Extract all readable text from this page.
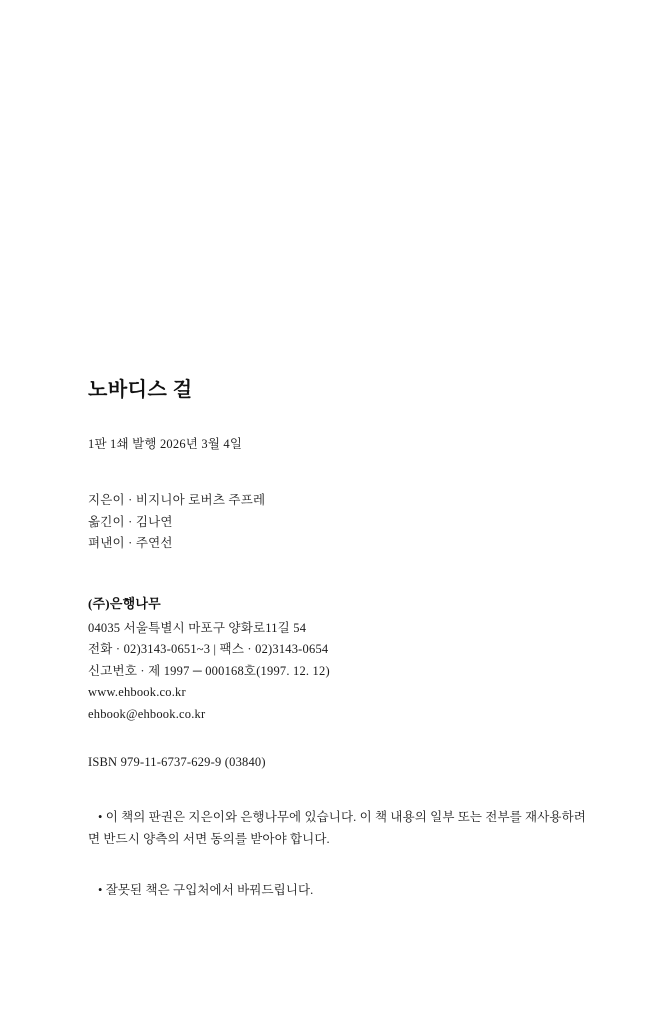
노바디스 걸
1판 1쇄 발행 2026년 3월 4일
지은이 · 비지니아 로버츠 주프레
옮긴이 · 김나연
펴낸이 · 주연선
(주)은행나무
04035 서울특별시 마포구 양화로11길 54
전화 · 02)3143-0651~3 | 팩스 · 02)3143-0654
신고번호 · 제 1997 ─ 000168호(1997. 12. 12)
www.ehbook.co.kr
ehbook@ehbook.co.kr
ISBN 979-11-6737-629-9 (03840)

• 이 책의 판권은 지은이와 은행나무에 있습니다. 이 책 내용의 일부 또는 전부를 재사용하려면 반드시 양측의 서면 동의를 받아야 합니다.

• 잘못된 책은 구입처에서 바꿔드립니다.
